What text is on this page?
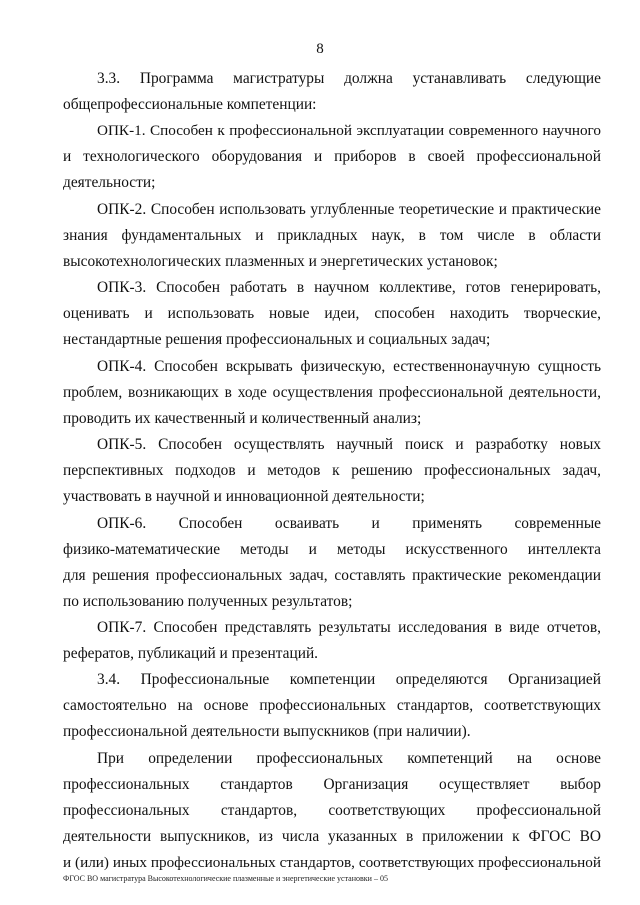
8
3.3. Программа магистратуры должна устанавливать следующие
общепрофессиональные компетенции:
ОПК-1. Способен к профессиональной эксплуатации современного научного
и технологического оборудования и приборов в своей профессиональной
деятельности;
ОПК-2. Способен использовать углубленные теоретические и практические
знания фундаментальных и прикладных наук, в том числе в области
высокотехнологических плазменных и энергетических установок;
ОПК-3. Способен работать в научном коллективе, готов генерировать,
оценивать и использовать новые идеи, способен находить творческие,
нестандартные решения профессиональных и социальных задач;
ОПК-4. Способен вскрывать физическую, естественнонаучную сущность
проблем, возникающих в ходе осуществления профессиональной деятельности,
проводить их качественный и количественный анализ;
ОПК-5. Способен осуществлять научный поиск и разработку новых
перспективных подходов и методов к решению профессиональных задач,
участвовать в научной и инновационной деятельности;
ОПК-6. Способен осваивать и применять современные
физико-математические методы и методы искусственного интеллекта
для решения профессиональных задач, составлять практические рекомендации
по использованию полученных результатов;
ОПК-7. Способен представлять результаты исследования в виде отчетов,
рефератов, публикаций и презентаций.
3.4. Профессиональные компетенции определяются Организацией
самостоятельно на основе профессиональных стандартов, соответствующих
профессиональной деятельности выпускников (при наличии).
При определении профессиональных компетенций на основе
профессиональных стандартов Организация осуществляет выбор
профессиональных стандартов, соответствующих профессиональной
деятельности выпускников, из числа указанных в приложении к ФГОС ВО
и (или) иных профессиональных стандартов, соответствующих профессиональной
ФГОС ВО магистратура Высокотехнологические плазменные и энергетические установки – 05
